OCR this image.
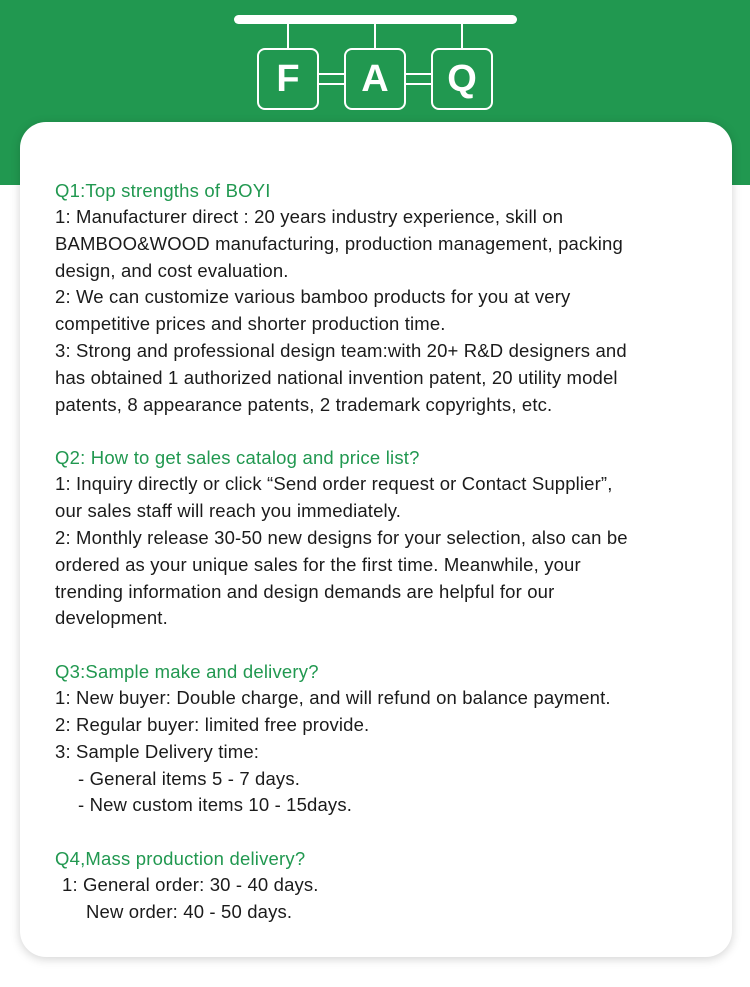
F	A	Q
Q1:Top strengths of BOYI
1: Manufacturer direct : 20 years industry experience, skill on
BAMBOO&WOOD manufacturing, production management, packing
design, and cost evaluation.
2: We can customize various bamboo products for you at very
competitive prices and shorter production time.
3: Strong and professional design team:with 20+ R&D designers and
has obtained 1 authorized national invention patent, 20 utility model
patents, 8 appearance patents, 2 trademark copyrights, etc.
Q2: How to get sales catalog and price list?
1: Inquiry directly or click “Send order request or Contact Supplier”,
our sales staff will reach you immediately.
2: Monthly release 30-50 new designs for your selection, also can be
ordered as your unique sales for the first time. Meanwhile, your
trending information and design demands are helpful for our
development.
Q3:Sample make and delivery?
1: New buyer: Double charge, and will refund on balance payment.
2: Regular buyer: limited free provide.
3: Sample Delivery time:
- General items 5 - 7 days.
- New custom items 10 - 15days.
Q4,Mass production delivery?
1: General order: 30 - 40 days.
New order: 40 - 50 days.
